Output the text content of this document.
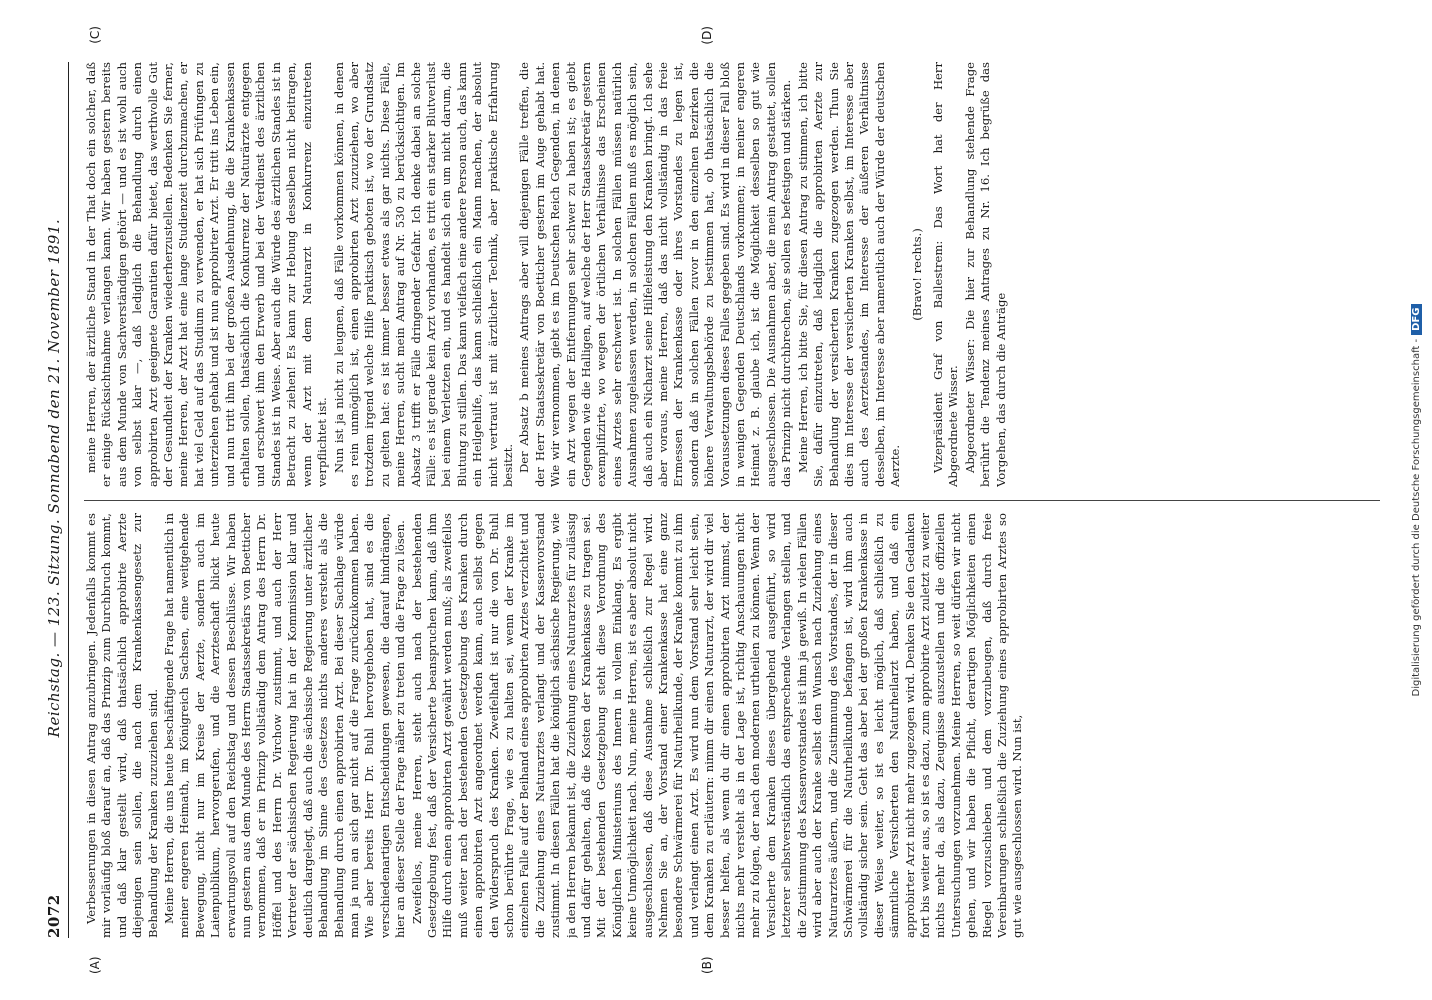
2072
Reichstag. — 123. Sitzung. Sonnabend den 21. November 1891.
(A)	(B)
(C)	(D)

Verbesserungen in diesen Antrag anzubringen. Jedenfalls kommt es mir vorläufig bloß darauf an, daß das Prinzip zum Durchbruch kommt, und daß klar gestellt wird, daß thatsächlich approbirte Aerzte diejenigen sein sollen, die nach dem Krankenkassengesetz zur Behandlung der Kranken zuzuziehen sind. Meine Herren, die uns heute beschäftigende Frage hat namentlich in meiner engeren Heimath, im Königreich Sachsen, eine weitgehende Bewegung, nicht nur im Kreise der Aerzte, sondern auch im Laienpublikum, hervorgerufen, und die Aerzteschaft blickt heute erwartungsvoll auf den Reichstag und dessen Beschlüsse. Wir haben nun gestern aus dem Munde des Herrn Staatssekretärs von Boetticher vernommen, daß er im Prinzip vollständig dem Antrag des Herrn Dr. Höffel und des Herrn Dr. Virchow zustimmt, und auch der Herr Vertreter der sächsischen Regierung hat in der Kommission klar und deutlich dargelegt, daß auch die sächsische Regierung unter ärztlicher Behandlung im Sinne des Gesetzes nichts anderes versteht als die Behandlung durch einen approbirten Arzt. Bei dieser Sachlage würde man ja nun an sich gar nicht auf die Frage zurückzukommen haben. Wie aber bereits Herr Dr. Buhl hervorgehoben hat, sind es die verschiedenartigen Entscheidungen gewesen, die darauf hindrängen, hier an dieser Stelle der Frage näher zu treten und die Frage zu lösen. Zweifellos, meine Herren, steht auch nach der bestehenden Gesetzgebung fest, daß der Versicherte beanspruchen kann, daß ihm Hilfe durch einen approbirten Arzt gewährt werden muß; als zweifellos muß weiter nach der bestehenden Gesetzgebung des Kranken durch einen approbirten Arzt angeordnet werden kann, auch selbst gegen den Widerspruch des Kranken. Zweifelhaft ist nur die von Dr. Buhl schon berührte Frage, wie es zu halten sei, wenn der Kranke im einzelnen Falle auf der Beihand eines approbirten Arztes verzichtet und die Zuziehung eines Naturarztes verlangt und der Kassenvorstand zustimmt. In diesen Fällen hat die königlich sächsische Regierung, wie ja den Herren bekannt ist, die Zuziehung eines Naturarztes für zulässig und dafür gehalten, daß die Kosten der Krankenkasse zu tragen sei. Mit der bestehenden Gesetzgebung steht diese Verordnung des Königlichen Ministeriums des Innern in vollem Einklang. Es ergibt keine Unmöglichkeit nach. Nun, meine Herren, ist es aber absolut nicht ausgeschlossen, daß diese Ausnahme schließlich zur Regel wird. Nehmen Sie an, der Vorstand einer Krankenkasse hat eine ganz besondere Schwärmerei für Naturheilkunde, der Kranke kommt zu ihm und verlangt einen Arzt. Es wird nun dem Vorstand sehr leicht sein, dem Kranken zu erläutern: nimm dir einen Naturarzt, der wird dir viel besser helfen, als wenn du dir einen approbirten Arzt nimmst, der nichts mehr versteht als in der Lage ist, richtig Anschauungen nicht mehr zu folgen, der nach den modernen urtheilen zu können. Wenn der Versicherte dem Kranken dieses übergehend ausgeführt, so wird letzterer selbstverständlich das entsprechende Verlangen stellen, und die Zustimmung des Kassenvorstandes ist ihm ja gewiß. In vielen Fällen wird aber auch der Kranke selbst den Wunsch nach Zuziehung eines Naturarztes äußern, und die Zustimmung des Vorstandes, der in dieser Schwärmerei für die Naturheilkunde befangen ist, wird ihm auch vollständig sicher sein. Geht das aber bei der großen Krankenkasse in dieser Weise weiter, so ist es leicht möglich, daß schließlich zu sämmtliche Versicherten den Naturheilarzt haben, und daß ein approbirter Arzt nicht mehr zugezogen wird. Denken Sie den Gedanken fort bis weiter aus, so ist es dazu, zum approbirte Arzt zuletzt zu weiter nichts mehr da, als dazu, Zeugnisse auszustellen und die offiziellen Untersuchungen vorzunehmen. Meine Herren, so weit dürfen wir nicht gehen, und wir haben die Pflicht, derartigen Möglichkeiten einen Riegel vorzuschieben und dem vorzubeugen, daß durch freie Vereinbarungen schließlich die Zuziehung eines approbirten Arztes so gut wie ausgeschlossen wird. Nun ist,

meine Herren, der ärztliche Stand in der That doch ein solcher, daß er einige Rücksichtnahme verlangen kann. Wir haben gestern bereits aus dem Munde von Sachverständigen gehört — und es ist wohl auch von selbst klar —, daß lediglich die Behandlung durch einen approbirten Arzt geeignete Garantien dafür bietet, das werthvolle Gut der Gesundheit der Kranken wiederherzustellen. Bedenken Sie ferner, meine Herren, der Arzt hat eine lange Studienzeit durchzumachen, er hat viel Geld auf das Studium zu verwenden, er hat sich Prüfungen zu unterziehen gehabt und ist nun approbirter Arzt. Er tritt ins Leben ein, und nun tritt ihm bei der großen Ausdehnung, die die Krankenkassen erhalten sollen, thatsächlich die Konkurrenz der Naturärzte entgegen und erschwert ihm den Erwerb und bei der Verdienst des ärztlichen Standes ist in Weise. Aber auch die Würde des ärztlichen Standes ist in Betracht zu ziehen! Es kann zur Hebung desselben nicht beitragen, wenn der Arzt mit dem Naturarzt in Konkurrenz einzutreten verpflichtet ist. Nun ist ja nicht zu leugnen, daß Fälle vorkommen können, in denen es rein unmöglich ist, einen approbirten Arzt zuzuziehen, wo aber trotzdem irgend welche Hilfe praktisch geboten ist, wo der Grundsatz zu gelten hat: es ist immer besser etwas als gar nichts. Diese Fälle, meine Herren, sucht mein Antrag auf Nr. 530 zu berücksichtigen. Im Absatz 3 trifft er Fälle dringender Gefahr. Ich denke dabei an solche Fälle: es ist gerade kein Arzt vorhanden, es tritt ein starker Blutverlust bei einem Verletzten ein, und es handelt sich ein um nicht darum, die Blutung zu stillen. Das kann vielfach eine andere Person auch, das kann ein Heilgehilfe, das kann schließlich ein Mann machen, der absolut nicht vertraut ist mit ärztlicher Technik, aber praktische Erfahrung besitzt. Der Absatz b meines Antrags aber will diejenigen Fälle treffen, die der Herr Staatssekretär von Boetticher gestern im Auge gehabt hat. Wie wir vernommen, giebt es im Deutschen Reich Gegenden, in denen ein Arzt wegen der Entfernungen sehr schwer zu haben ist; es giebt Gegenden wie die Halligen, auf welche der Herr Staatssekretär gestern exemplifizirte, wo wegen der örtlichen Verhältnisse das Erscheinen eines Arztes sehr erschwert ist. In solchen Fällen müssen natürlich Ausnahmen zugelassen werden, in solchen Fällen muß es möglich sein, daß auch ein Nicharzt seine Hilfeleistung den Kranken bringt. Ich sehe aber voraus, meine Herren, daß das nicht vollständig in das freie Ermessen der Krankenkasse oder ihres Vorstandes zu legen ist, sondern daß in solchen Fällen zuvor in den einzelnen Bezirken die höhere Verwaltungsbehörde zu bestimmen hat, ob thatsächlich die Voraussetzungen dieses Falles gegeben sind. Es wird in dieser Fall bloß in wenigen Gegenden Deutschlands vorkommen; in meiner engeren Heimat z. B. glaube ich, ist die Möglichkeit desselben so gut wie ausgeschlossen. Die Ausnahmen aber, die mein Antrag gestattet, sollen das Prinzip nicht durchbrechen, sie sollen es befestigen und stärken. Meine Herren, ich bitte Sie, für diesen Antrag zu stimmen, ich bitte Sie, dafür einzutreten, daß lediglich die approbirten Aerzte zur Behandlung der versicherten Kranken zugezogen werden. Thun Sie dies im Interesse der versicherten Kranken selbst, im Interesse aber auch des Aerztestandes, im Interesse der äußeren Verhältnisse desselben, im Interesse aber namentlich auch der Würde der deutschen Aerzte.

(Bravo! rechts.) Vizepräsident Graf von Ballestrem: Das Wort hat der Herr Abgeordnete Wisser. Abgeordneter Wisser: Die hier zur Behandlung stehende Frage berührt die Tendenz meines Antrages zu Nr. 16. Ich begrüße das Vorgehen, das durch die Anträge	Digitalisierung gefördert durch die Deutsche Forschungsgemeinschaft -DFG
